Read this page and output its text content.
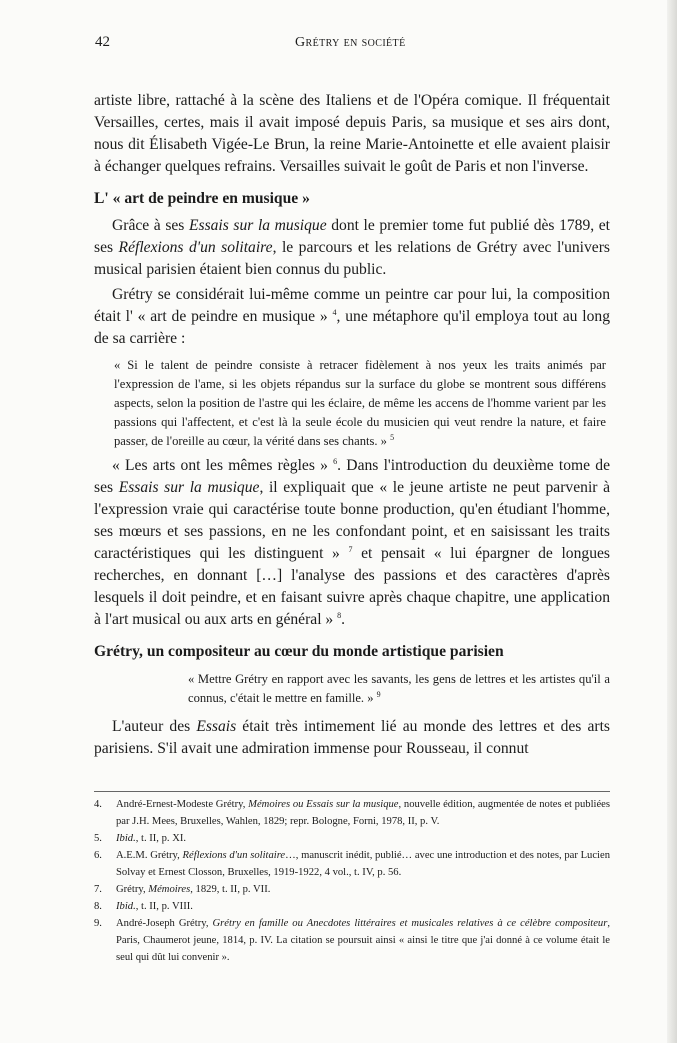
42	Grétry en société

artiste libre, rattaché à la scène des Italiens et de l'Opéra comique. Il fréquentait Versailles, certes, mais il avait imposé depuis Paris, sa musique et ses airs dont, nous dit Élisabeth Vigée-Le Brun, la reine Marie-Antoinette et elle avaient plaisir à échanger quelques refrains. Versailles suivait le goût de Paris et non l'inverse.

L' « art de peindre en musique »

Grâce à ses Essais sur la musique dont le premier tome fut publié dès 1789, et ses Réflexions d'un solitaire, le parcours et les relations de Grétry avec l'univers musical parisien étaient bien connus du public.

Grétry se considérait lui-même comme un peintre car pour lui, la composition était l' « art de peindre en musique » $^4$, une métaphore qu'il employa tout au long de sa carrière :

« Si le talent de peindre consiste à retracer fidèlement à nos yeux les traits animés par l'expression de l'ame, si les objets répandus sur la surface du globe se montrent sous différens aspects, selon la position de l'astre qui les éclaire, de même les accens de l'homme varient par les passions qui l'affectent, et c'est là la seule école du musicien qui veut rendre la nature, et faire passer, de l'oreille au cœur, la vérité dans ses chants. » $^5$

« Les arts ont les mêmes règles » $^6$. Dans l'introduction du deuxième tome de ses Essais sur la musique, il expliquait que « le jeune artiste ne peut parvenir à l'expression vraie qui caractérise toute bonne production, qu'en étudiant l'homme, ses mœurs et ses passions, en ne les confondant point, et en saisissant les traits caractéristiques qui les distinguent » $^7$ et pensait « lui épargner de longues recherches, en donnant […] l'analyse des passions et des caractères d'après lesquels il doit peindre, et en faisant suivre après chaque chapitre, une application à l'art musical ou aux arts en général » $^8$.

Grétry, un compositeur au cœur du monde artistique parisien
« Mettre Grétry en rapport avec les savants, les gens de lettres et les artistes qu'il a connus, c'était le mettre en famille. » $^9$

L'auteur des Essais était très intimement lié au monde des lettres et des arts parisiens. S'il avait une admiration immense pour Rousseau, il connut

4.	André-Ernest-Modeste Grétry, Mémoires ou Essais sur la musique, nouvelle édition, augmentée de notes et publiées par J.H. Mees, Bruxelles, Wahlen, 1829; repr. Bologne, Forni, 1978, II, p. V.
5.	Ibid., t. II, p. XI.
6.	A.E.M. Grétry, Réflexions d'un solitaire…, manuscrit inédit, publié… avec une introduction et des notes, par Lucien Solvay et Ernest Closson, Bruxelles, 1919-1922, 4 vol., t. IV, p. 56.
7.	Grétry, Mémoires, 1829, t. II, p. VII.
8.	Ibid., t. II, p. VIII.
9.	André-Joseph Grétry, Grétry en famille ou Anecdotes littéraires et musicales relatives à ce célèbre compositeur, Paris, Chaumerot jeune, 1814, p. IV. La citation se poursuit ainsi « ainsi le titre que j'ai donné à ce volume était le seul qui dût lui convenir ».
